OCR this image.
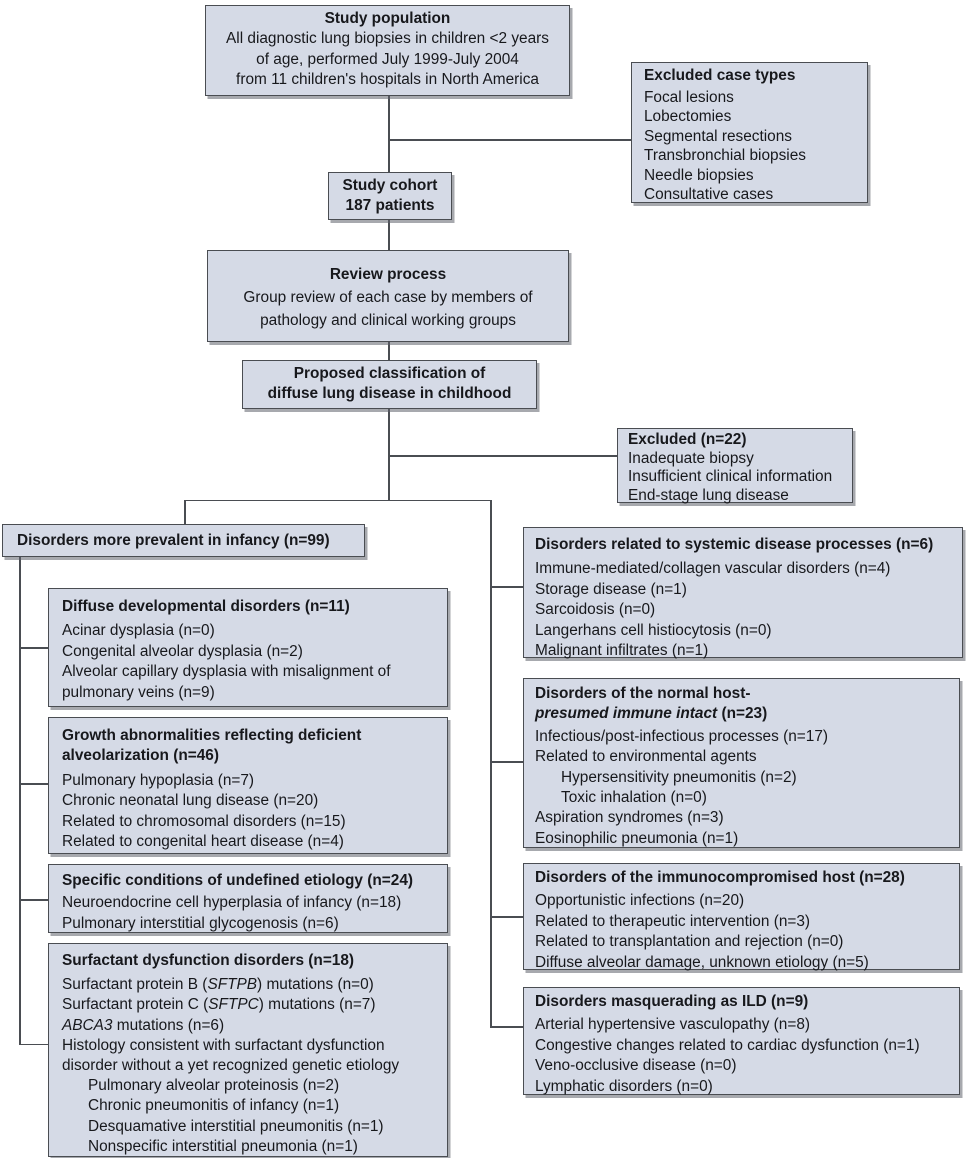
Study population
All diagnostic lung biopsies in children <2 years
of age, performed July 1999-July 2004
from 11 children's hospitals in North America	Excluded case types
Focal lesions
Lobectomies
Segmental resections
Transbronchial biopsies
Needle biopsies
Consultative cases
Study cohort
187 patients
Review process
Group review of each case by members of
pathology and clinical working groups
Proposed classification of
diffuse lung disease in childhood
Excluded (n=22)
Inadequate biopsy
Insufficient clinical information
End-stage lung disease
Disorders more prevalent in infancy (n=99)
Diffuse developmental disorders (n=11)
Acinar dysplasia (n=0)
Congenital alveolar dysplasia (n=2)
Alveolar capillary dysplasia with misalignment of
pulmonary veins (n=9)
Growth abnormalities reflecting deficient
alveolarization (n=46)
Pulmonary hypoplasia (n=7)
Chronic neonatal lung disease (n=20)
Related to chromosomal disorders (n=15)
Related to congenital heart disease (n=4)
Specific conditions of undefined etiology (n=24)
Neuroendocrine cell hyperplasia of infancy (n=18)
Pulmonary interstitial glycogenosis (n=6)
Surfactant dysfunction disorders (n=18)
Surfactant protein B (SFTPB) mutations (n=0)
Surfactant protein C (SFTPC) mutations (n=7)
ABCA3 mutations (n=6)
Histology consistent with surfactant dysfunction
disorder without a yet recognized genetic etiology
Pulmonary alveolar proteinosis (n=2)
Chronic pneumonitis of infancy (n=1)
Desquamative interstitial pneumonitis (n=1)
Nonspecific interstitial pneumonia (n=1)
Disorders related to systemic disease processes (n=6)
Immune-mediated/collagen vascular disorders (n=4)
Storage disease (n=1)
Sarcoidosis (n=0)
Langerhans cell histiocytosis (n=0)
Malignant infiltrates (n=1)
Disorders of the normal host-
presumed immune intact (n=23)
Infectious/post-infectious processes (n=17)
Related to environmental agents
Hypersensitivity pneumonitis (n=2)
Toxic inhalation (n=0)
Aspiration syndromes (n=3)
Eosinophilic pneumonia (n=1)
Disorders of the immunocompromised host (n=28)
Opportunistic infections (n=20)
Related to therapeutic intervention (n=3)
Related to transplantation and rejection (n=0)
Diffuse alveolar damage, unknown etiology (n=5)
Disorders masquerading as ILD (n=9)
Arterial hypertensive vasculopathy (n=8)
Congestive changes related to cardiac dysfunction (n=1)
Veno-occlusive disease (n=0)
Lymphatic disorders (n=0)
